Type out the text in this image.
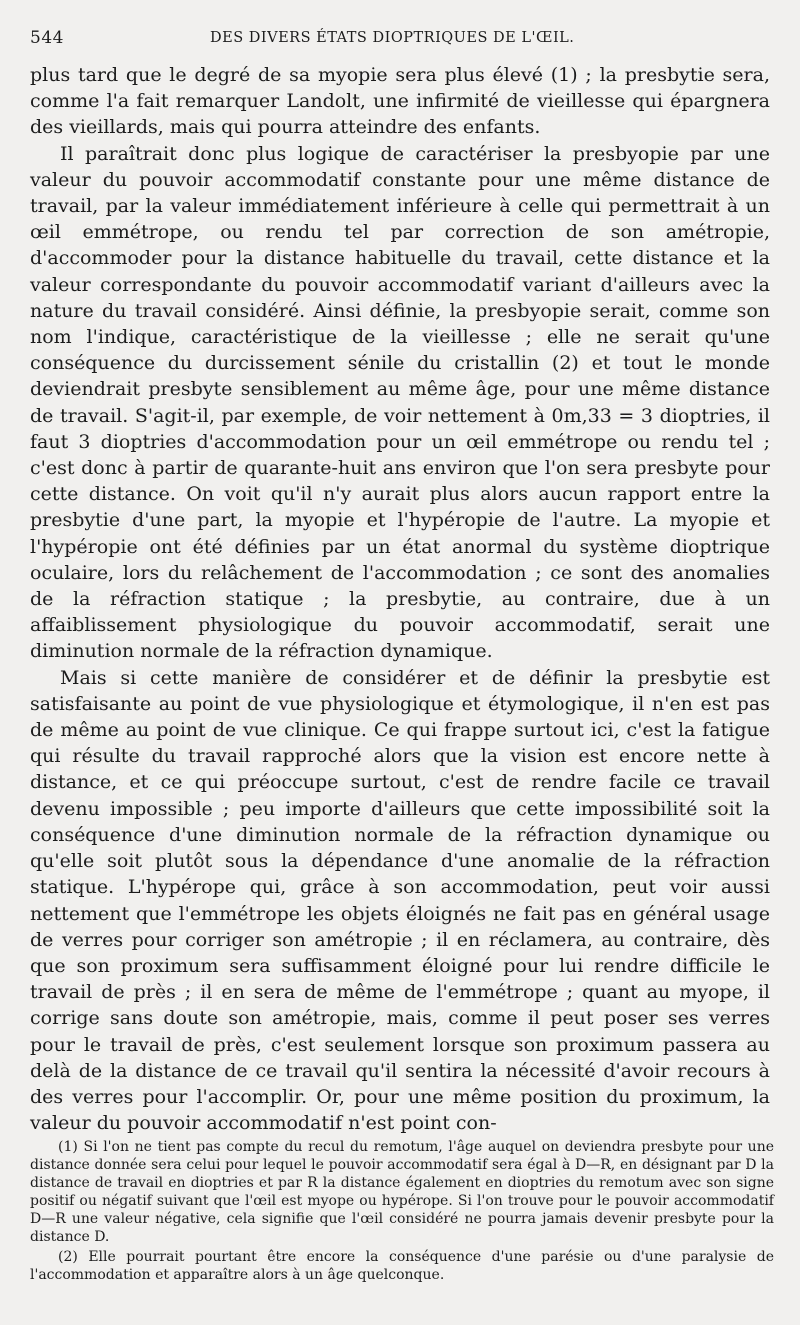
544	DES DIVERS ÉTATS DIOPTRIQUES DE L'ŒIL.

plus tard que le degré de sa myopie sera plus élevé (1) ; la presbytie sera, comme l'a fait remarquer Landolt, une infirmité de vieillesse qui épargnera des vieillards, mais qui pourra atteindre des enfants.

Il paraîtrait donc plus logique de caractériser la presbyopie par une valeur du pouvoir accommodatif constante pour une même distance de travail, par la valeur immédiatement inférieure à celle qui permettrait à un œil emmétrope, ou rendu tel par correction de son amétropie, d'accommoder pour la distance habituelle du travail, cette distance et la valeur correspondante du pouvoir accommodatif variant d'ailleurs avec la nature du travail considéré. Ainsi définie, la presbyopie serait, comme son nom l'indique, caractéristique de la vieillesse ; elle ne serait qu'une conséquence du durcissement sénile du cristallin (2) et tout le monde deviendrait presbyte sensiblement au même âge, pour une même distance de travail. S'agit-il, par exemple, de voir nettement à 0m,33 = 3 dioptries, il faut 3 dioptries d'accommodation pour un œil emmétrope ou rendu tel ; c'est donc à partir de quarante-huit ans environ que l'on sera presbyte pour cette distance. On voit qu'il n'y aurait plus alors aucun rapport entre la presbytie d'une part, la myopie et l'hypéropie de l'autre. La myopie et l'hypéropie ont été définies par un état anormal du système dioptrique oculaire, lors du relâchement de l'accommodation ; ce sont des anomalies de la réfraction statique ; la presbytie, au contraire, due à un affaiblissement physiologique du pouvoir accommodatif, serait une diminution normale de la réfraction dynamique.

Mais si cette manière de considérer et de définir la presbytie est satisfaisante au point de vue physiologique et étymologique, il n'en est pas de même au point de vue clinique. Ce qui frappe surtout ici, c'est la fatigue qui résulte du travail rapproché alors que la vision est encore nette à distance, et ce qui préoccupe surtout, c'est de rendre facile ce travail devenu impossible ; peu importe d'ailleurs que cette impossibilité soit la conséquence d'une diminution normale de la réfraction dynamique ou qu'elle soit plutôt sous la dépendance d'une anomalie de la réfraction statique. L'hypérope qui, grâce à son accommodation, peut voir aussi nettement que l'emmétrope les objets éloignés ne fait pas en général usage de verres pour corriger son amétropie ; il en réclamera, au contraire, dès que son proximum sera suffisamment éloigné pour lui rendre difficile le travail de près ; il en sera de même de l'emmétrope ; quant au myope, il corrige sans doute son amétropie, mais, comme il peut poser ses verres pour le travail de près, c'est seulement lorsque son proximum passera au delà de la distance de ce travail qu'il sentira la nécessité d'avoir recours à des verres pour l'accomplir. Or, pour une même position du proximum, la valeur du pouvoir accommodatif n'est point con-

(1) Si l'on ne tient pas compte du recul du remotum, l'âge auquel on deviendra presbyte pour une distance donnée sera celui pour lequel le pouvoir accommodatif sera égal à D—R, en désignant par D la distance de travail en dioptries et par R la distance également en dioptries du remotum avec son signe positif ou négatif suivant que l'œil est myope ou hypérope. Si l'on trouve pour le pouvoir accommodatif D—R une valeur négative, cela signifie que l'œil considéré ne pourra jamais devenir presbyte pour la distance D.

(2) Elle pourrait pourtant être encore la conséquence d'une parésie ou d'une paralysie de l'accommodation et apparaître alors à un âge quelconque.
